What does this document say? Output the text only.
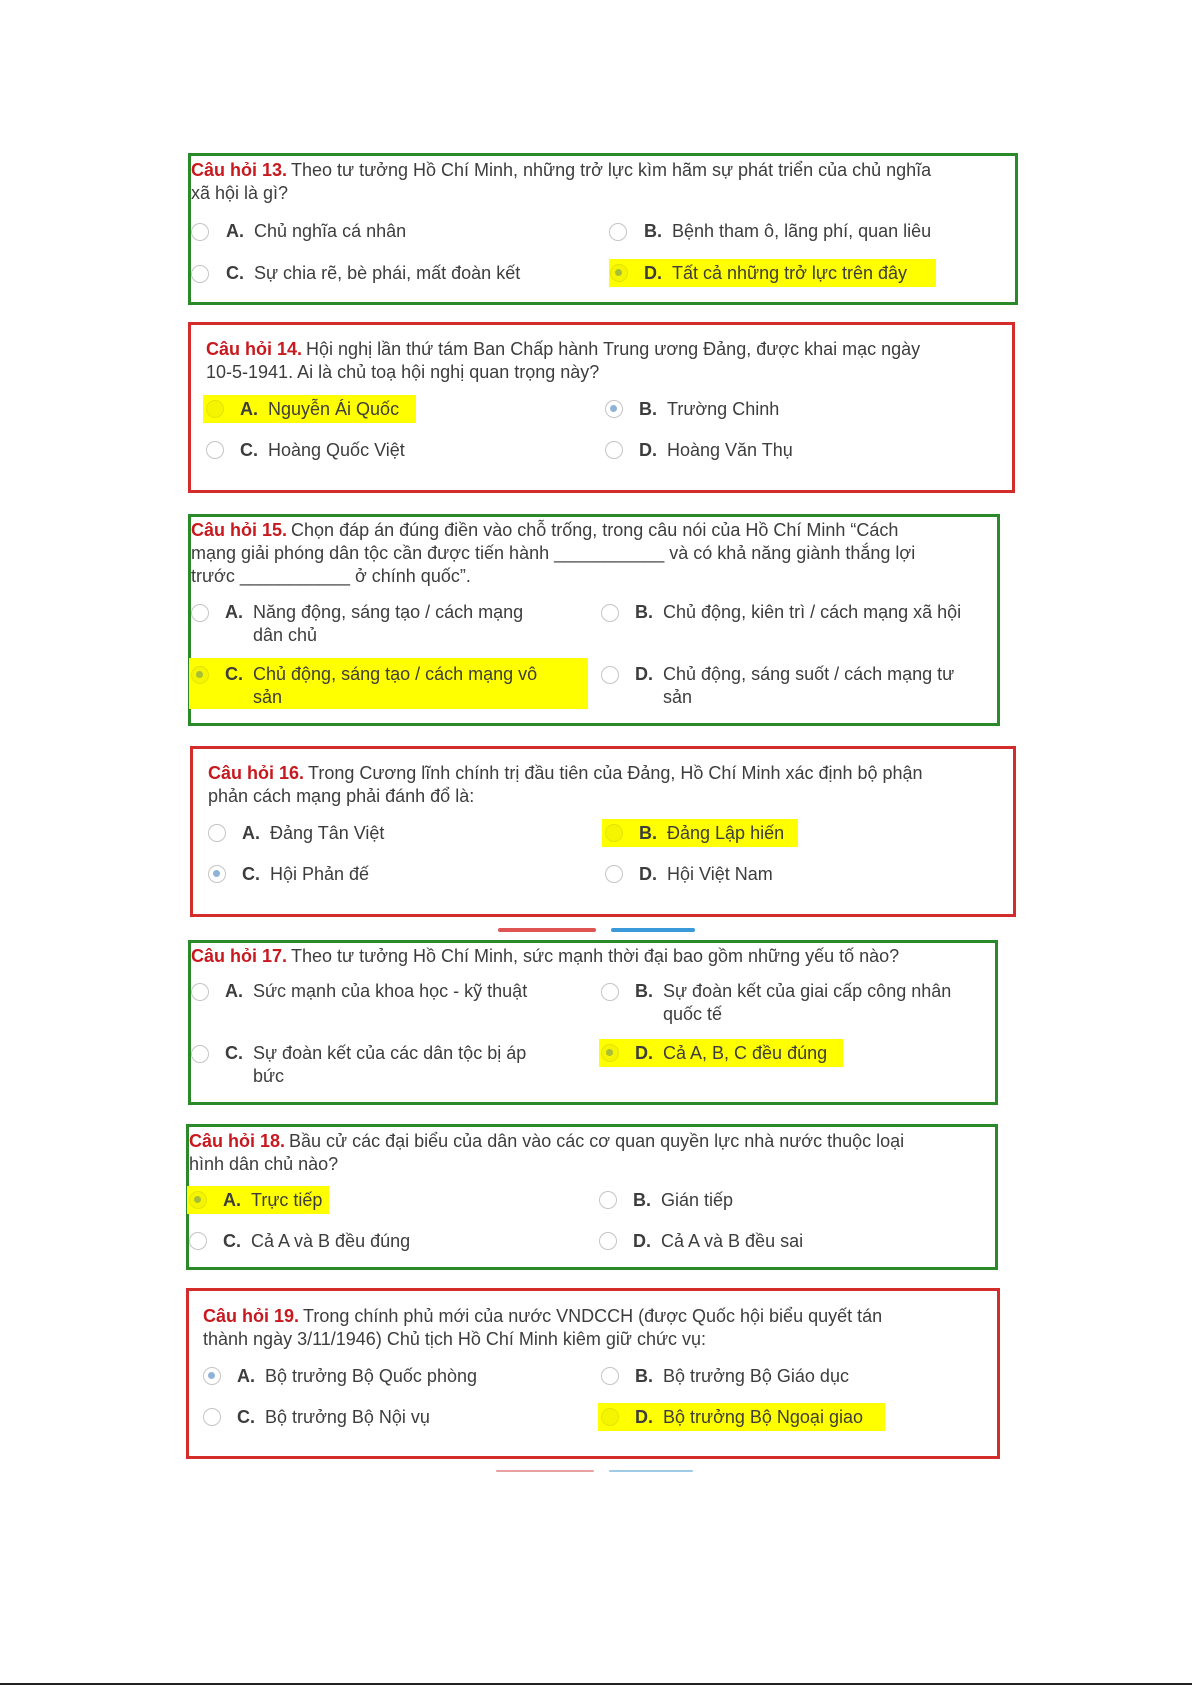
Câu hỏi 13. Theo tư tưởng Hồ Chí Minh, những trở lực kìm hãm sự phát triển của chủ nghĩa
xã hội là gì?
A. Chủ nghĩa cá nhân	B. Bệnh tham ô, lãng phí, quan liêu
C. Sự chia rẽ, bè phái, mất đoàn kết	D. Tất cả những trở lực trên đây
Câu hỏi 14. Hội nghị lần thứ tám Ban Chấp hành Trung ương Đảng, được khai mạc ngày
10-5-1941. Ai là chủ toạ hội nghị quan trọng này?
A. Nguyễn Ái Quốc	B. Trường Chinh
C. Hoàng Quốc Việt	D. Hoàng Văn Thụ
Câu hỏi 15. Chọn đáp án đúng điền vào chỗ trống, trong câu nói của Hồ Chí Minh “Cách
mạng giải phóng dân tộc cần được tiến hành ___________ và có khả năng giành thắng lợi
trước ___________ ở chính quốc”.
A. Năng động, sáng tạo / cách mạng
dân chủ
B. Chủ động, kiên trì / cách mạng xã hội
C. Chủ động, sáng tạo / cách mạng vô
sản
D. Chủ động, sáng suốt / cách mạng tư
sản
Câu hỏi 16. Trong Cương lĩnh chính trị đầu tiên của Đảng, Hồ Chí Minh xác định bộ phận
phản cách mạng phải đánh đổ là:
A. Đảng Tân Việt	B. Đảng Lập hiến
C. Hội Phản đế	D. Hội Việt Nam
Câu hỏi 17. Theo tư tưởng Hồ Chí Minh, sức mạnh thời đại bao gồm những yếu tố nào?
A. Sức mạnh của khoa học - kỹ thuật	B. Sự đoàn kết của giai cấp công nhân
quốc tế
C. Sự đoàn kết của các dân tộc bị áp
bức
D. Cả A, B, C đều đúng
Câu hỏi 18. Bầu cử các đại biểu của dân vào các cơ quan quyền lực nhà nước thuộc loại
hình dân chủ nào?
A. Trực tiếp	B. Gián tiếp
C. Cả A và B đều đúng	D. Cả A và B đều sai
Câu hỏi 19. Trong chính phủ mới của nước VNDCCH (được Quốc hội biểu quyết tán
thành ngày 3/11/1946) Chủ tịch Hồ Chí Minh kiêm giữ chức vụ:
A. Bộ trưởng Bộ Quốc phòng	B. Bộ trưởng Bộ Giáo dục
C. Bộ trưởng Bộ Nội vụ	D. Bộ trưởng Bộ Ngoại giao
